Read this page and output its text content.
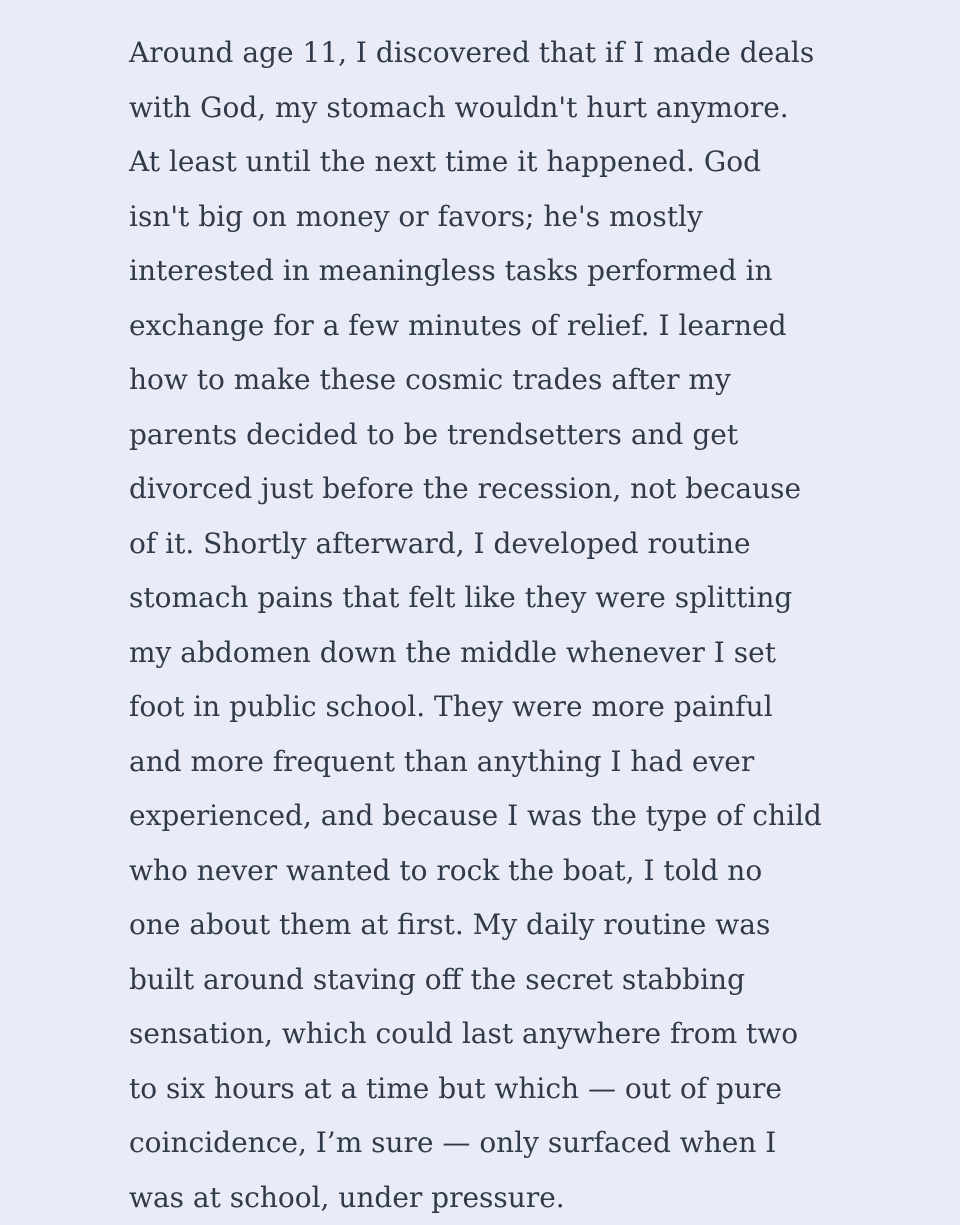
Around age 11, I discovered that if I made deals
with God, my stomach wouldn't hurt anymore.
At least until the next time it happened. God
isn't big on money or favors; he's mostly
interested in meaningless tasks performed in
exchange for a few minutes of relief. I learned
how to make these cosmic trades after my
parents decided to be trendsetters and get
divorced just before the recession, not because
of it. Shortly afterward, I developed routine
stomach pains that felt like they were splitting
my abdomen down the middle whenever I set
foot in public school. They were more painful
and more frequent than anything I had ever
experienced, and because I was the type of child
who never wanted to rock the boat, I told no
one about them at first. My daily routine was
built around staving off the secret stabbing
sensation, which could last anywhere from two
to six hours at a time but which — out of pure
coincidence, I’m sure — only surfaced when I
was at school, under pressure.
